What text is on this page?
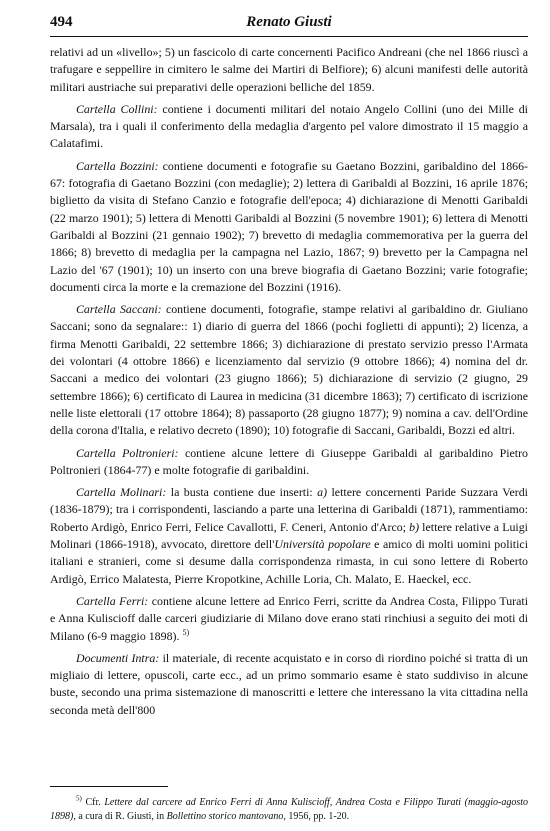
494	Renato Giusti

relativi ad un «livello»; 5) un fascicolo di carte concernenti Pacifico Andreani (che nel 1866 riuscì a trafugare e seppellire in cimitero le salme dei Martiri di Belfiore); 6) alcuni manifesti delle autorità militari austriache sui preparativi delle operazioni belliche del 1859.

Cartella Collini: contiene i documenti militari del notaio Angelo Collini (uno dei Mille di Marsala), tra i quali il conferimento della medaglia d'argento pel valore dimostrato il 15 maggio a Calatafimi.

Cartella Bozzini: contiene documenti e fotografie su Gaetano Bozzini, garibaldino del 1866-67: fotografia di Gaetano Bozzini (con medaglie); 2) lettera di Garibaldi al Bozzini, 16 aprile 1876; biglietto da visita di Stefano Canzio e fotografie dell'epoca; 4) dichiarazione di Menotti Garibaldi (22 marzo 1901); 5) lettera di Menotti Garibaldi al Bozzini (5 novembre 1901); 6) lettera di Menotti Garibaldi al Bozzini (21 gennaio 1902); 7) brevetto di medaglia commemorativa per la guerra del 1866; 8) brevetto di medaglia per la campagna nel Lazio, 1867; 9) brevetto per la Campagna nel Lazio del '67 (1901); 10) un inserto con una breve biografia di Gaetano Bozzini; varie fotografie; documenti circa la morte e la cremazione del Bozzini (1916).

Cartella Saccani: contiene documenti, fotografie, stampe relativi al garibaldino dr. Giuliano Saccani; sono da segnalare:: 1) diario di guerra del 1866 (pochi foglietti di appunti); 2) licenza, a firma Menotti Garibaldi, 22 settembre 1866; 3) dichiarazione di prestato servizio presso l'Armata dei volontari (4 ottobre 1866) e licenziamento dal servizio (9 ottobre 1866); 4) nomina del dr. Saccani a medico dei volontari (23 giugno 1866); 5) dichiarazione di servizio (2 giugno, 29 settembre 1866); 6) certificato di Laurea in medicina (31 dicembre 1863); 7) certificato di iscrizione nelle liste elettorali (17 ottobre 1864); 8) passaporto (28 giugno 1877); 9) nomina a cav. dell'Ordine della corona d'Italia, e relativo decreto (1890); 10) fotografie di Saccani, Garibaldi, Bozzi ed altri.

Cartella Poltronieri: contiene alcune lettere di Giuseppe Garibaldi al garibaldino Pietro Poltronieri (1864-77) e molte fotografie di garibaldini.

Cartella Molinari: la busta contiene due inserti: a) lettere concernenti Paride Suzzara Verdi (1836-1879); tra i corrispondenti, lasciando a parte una letterina di Garibaldi (1871), rammentiamo: Roberto Ardigò, Enrico Ferri, Felice Cavallotti, F. Ceneri, Antonio d'Arco; b) lettere relative a Luigi Molinari (1866-1918), avvocato, direttore dell'Università popolare e amico di molti uomini politici italiani e stranieri, come si desume dalla corrispondenza rimasta, in cui sono lettere di Roberto Ardigò, Errico Malatesta, Pierre Kropotkine, Achille Loria, Ch. Malato, E. Haeckel, ecc.

Cartella Ferri: contiene alcune lettere ad Enrico Ferri, scritte da Andrea Costa, Filippo Turati e Anna Kuliscioff dalle carceri giudiziarie di Milano dove erano stati rinchiusi a seguito dei moti di Milano (6-9 maggio 1898). $^{5)}$

Documenti Intra: il materiale, di recente acquistato e in corso di riordino poiché si tratta di un migliaio di lettere, opuscoli, carte ecc., ad un primo sommario esame è stato suddiviso in alcune buste, secondo una prima sistemazione di manoscritti e lettere che interessano la vita cittadina nella seconda metà dell'800

$^{5)}$ Cfr. Lettere dal carcere ad Enrico Ferri di Anna Kuliscioff, Andrea Costa e Filippo Turati (maggio-agosto 1898), a cura di R. Giusti, in Bollettino storico mantovano, 1956, pp. 1-20.
